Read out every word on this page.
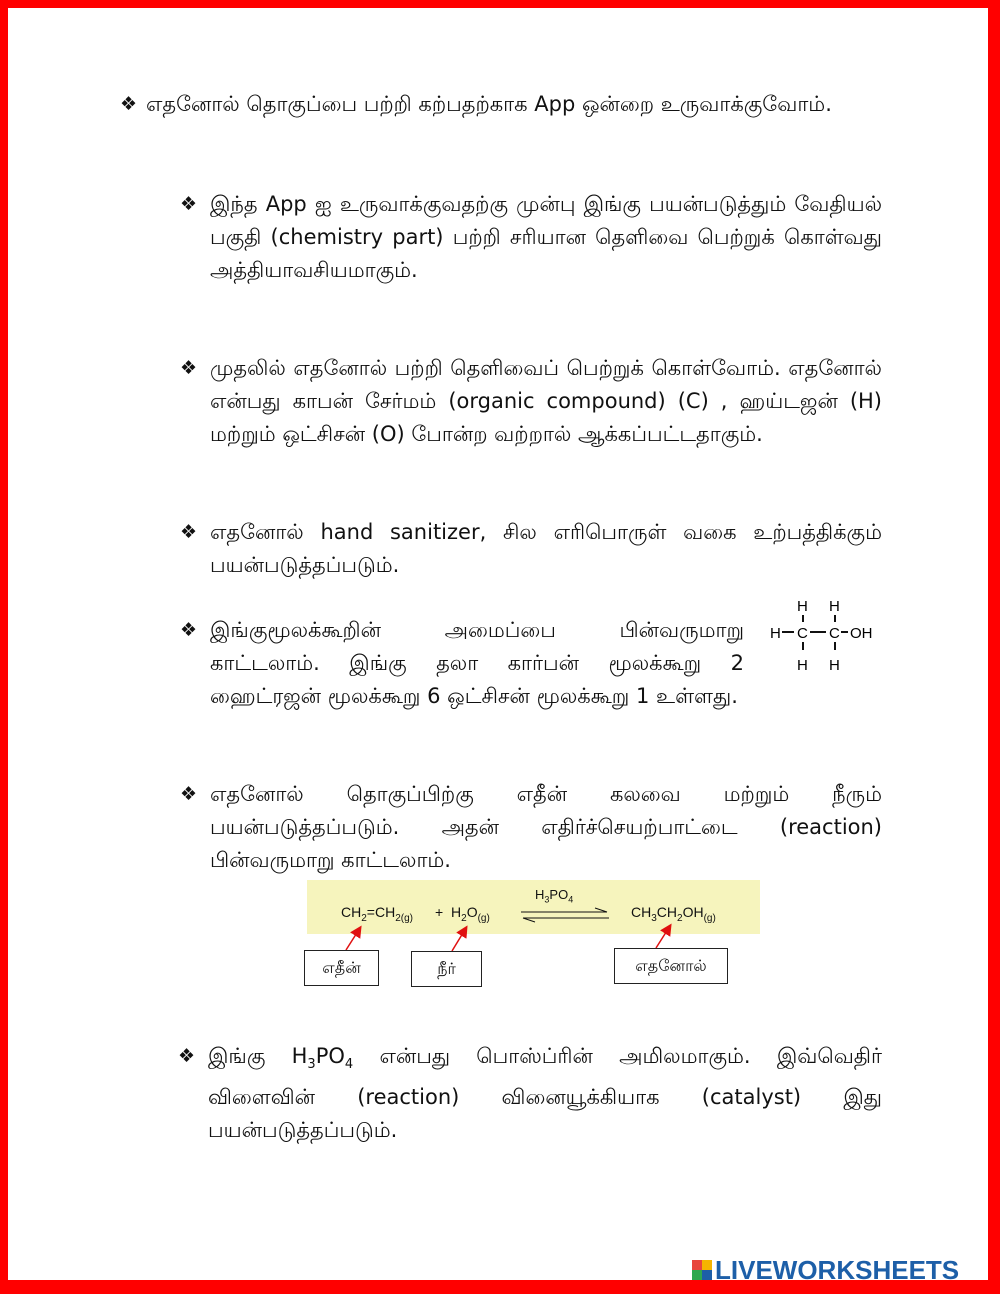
❖ எதனோல் தொகுப்பை பற்றி கற்பதற்காக App ஒன்றை உருவாக்குவோம்.
❖ இந்த App ஐ உருவாக்குவதற்கு முன்பு இங்கு பயன்படுத்தும் வேதியல் பகுதி (chemistry part) பற்றி சரியான தெளிவை பெற்றுக் கொள்வது அத்தியாவசியமாகும்.
❖ முதலில் எதனோல் பற்றி தெளிவைப் பெற்றுக் கொள்வோம். எதனோல் என்பது காபன் சேர்மம் (organic compound) (C) , ஹய்டஜன் (H) மற்றும் ஒட்சிசன் (O) போன்ற வற்றால் ஆக்கப்பட்டதாகும்.
❖ எதனோல் hand sanitizer, சில எரிபொருள் வகை உற்பத்திக்கும் பயன்படுத்தப்படும்.
❖ இங்குமூலக்கூறின் அமைப்பை பின்வருமாறு காட்டலாம். இங்கு தலா கார்பன் மூலக்கூறு 2 ஹைட்ரஜன் மூலக்கூறு 6 ஒட்சிசன் மூலக்கூறு 1 உள்ளது.
H H
H C C OH
H H
❖ எதனோல் தொகுப்பிற்கு எதீன் கலவை மற்றும் நீரும் பயன்படுத்தப்படும். அதன் எதிர்ச்செயற்பாட்டை (reaction) பின்வருமாறு காட்டலாம்.
$H_3PO_4$
$CH_2=CH_{2(g)} + H_2O_{(g)}$	$CH_3CH_2OH_{(g)}$
எதீன்	நீர்	எதனோல்
❖ இங்கு $H_3PO_4$ என்பது பொஸ்ப்ரின் அமிலமாகும். இவ்வெதிர் விளைவின் (reaction) வினையூக்கியாக (catalyst) இது பயன்படுத்தப்படும்.
LIVEWORKSHEETS
